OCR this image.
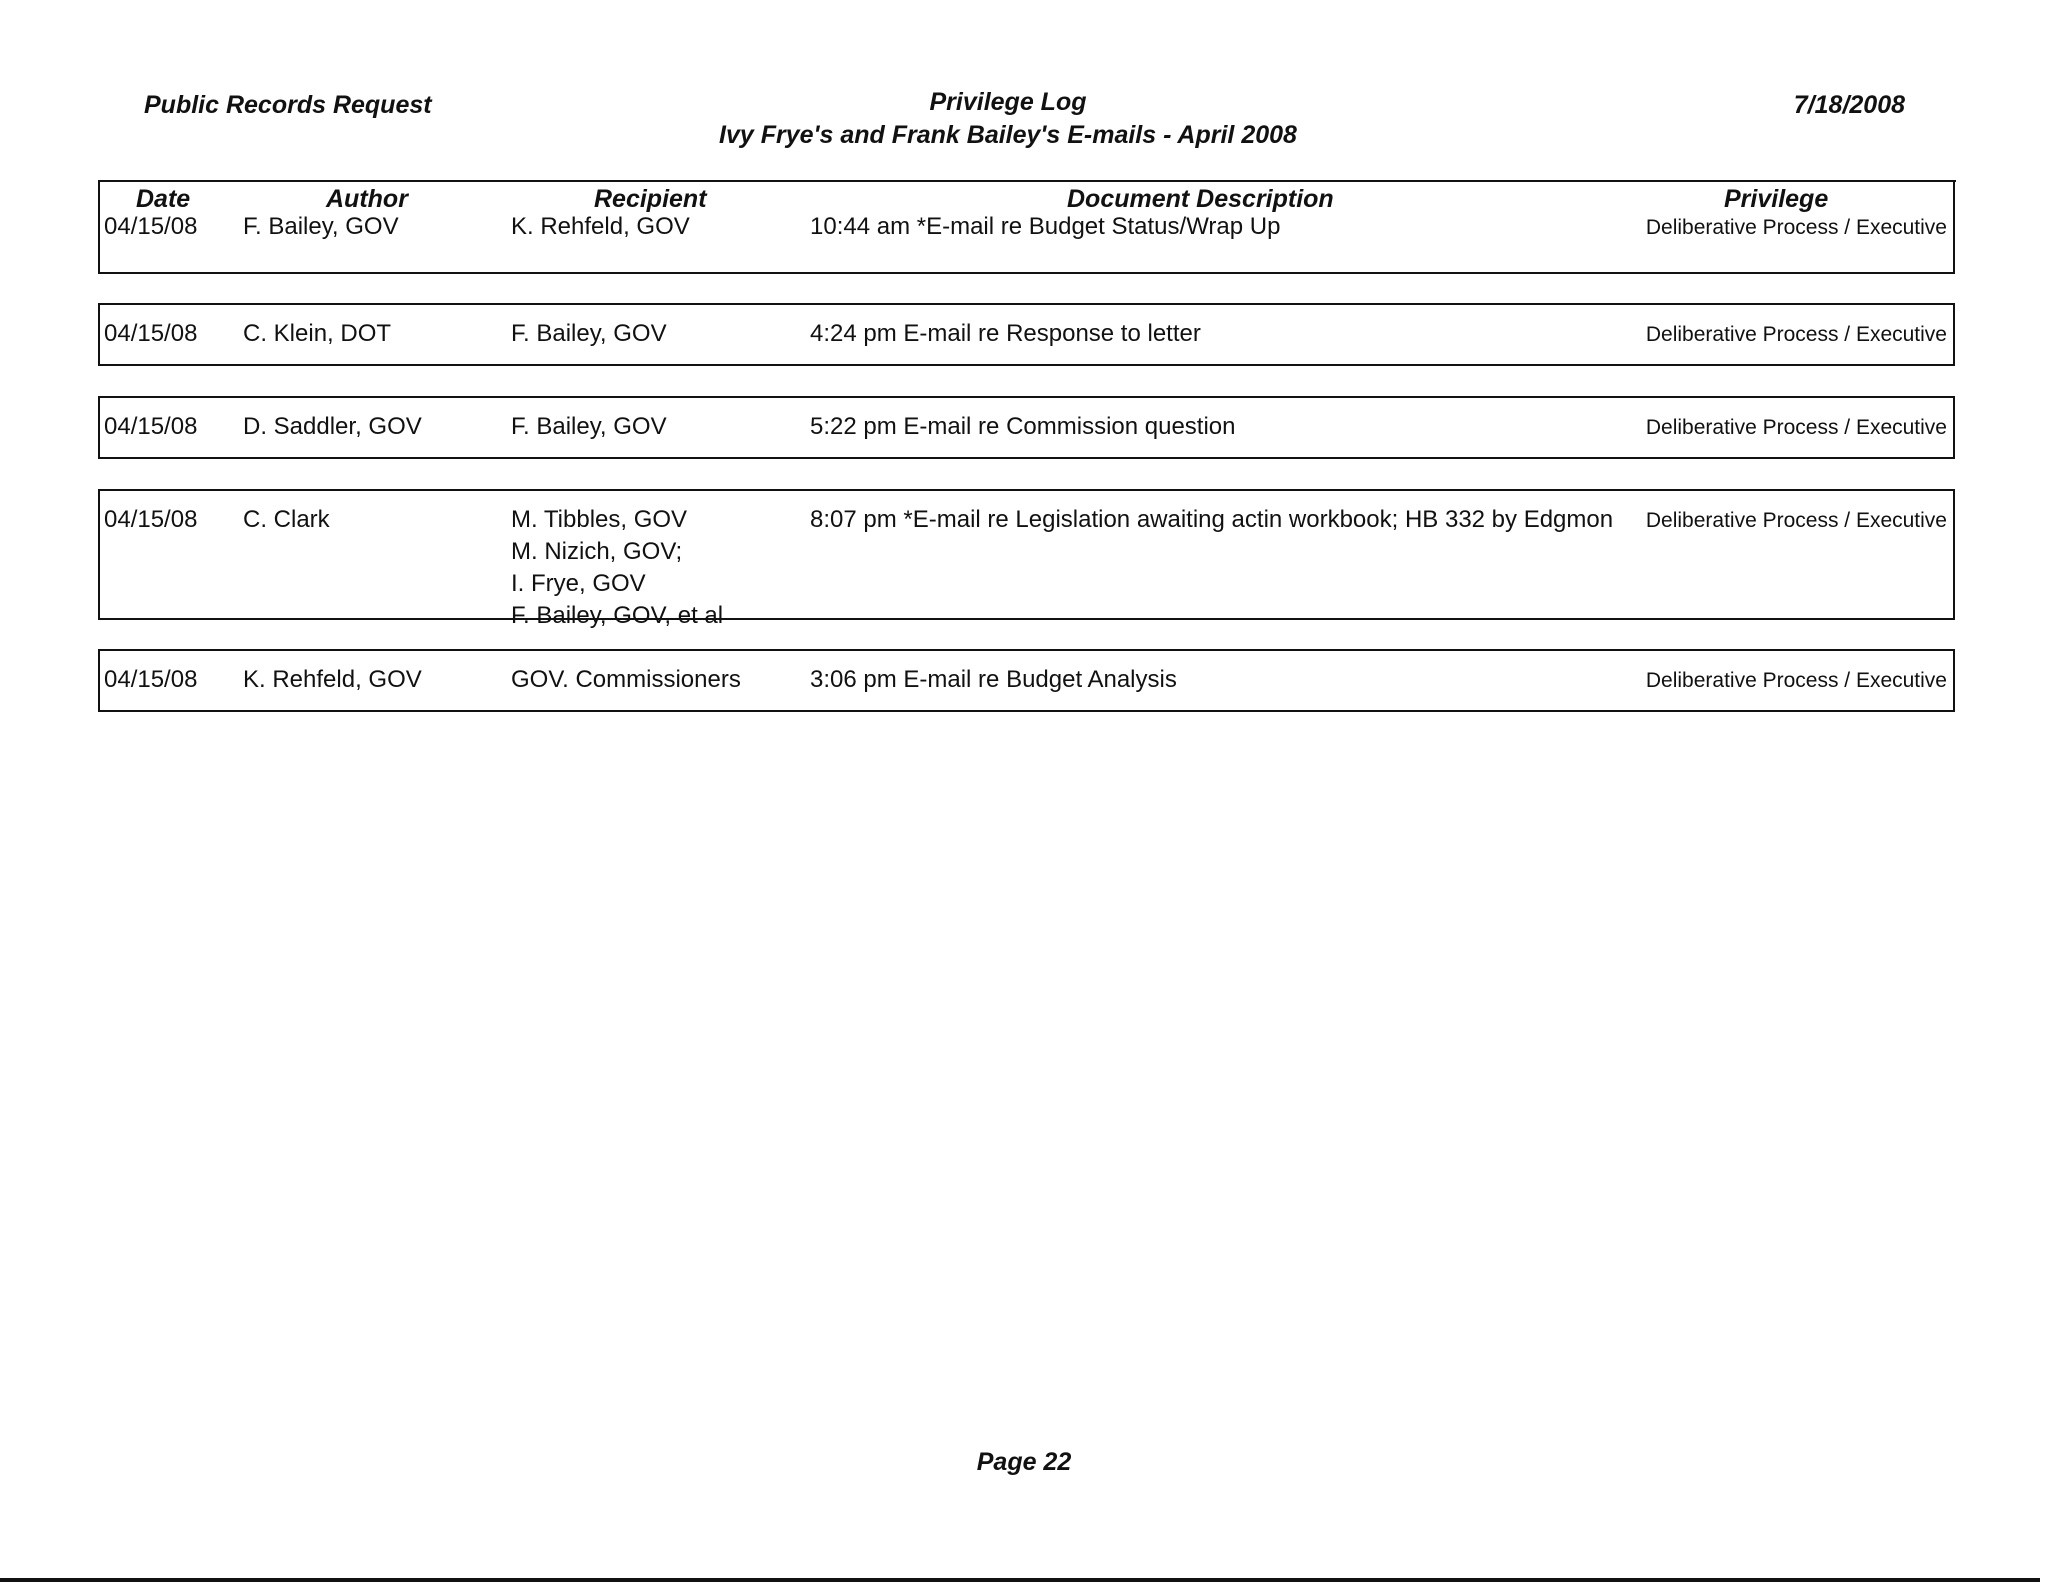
Public Records Request	Privilege Log
Ivy Frye's and Frank Bailey's E-mails - April 2008
7/18/2008
Date	Author	Recipient	Document Description	Privilege
04/15/08 F. Bailey, GOV	K. Rehfeld, GOV	10:44 am *E-mail re Budget Status/Wrap Up	Deliberative Process / Executive
04/15/08 C. Klein, DOT	F. Bailey, GOV	4:24 pm E-mail re Response to letter	Deliberative Process / Executive
04/15/08 D. Saddler, GOV	F. Bailey, GOV	5:22 pm E-mail re Commission question	Deliberative Process / Executive
04/15/08 C. Clark	M. Tibbles, GOV
M. Nizich, GOV;
I. Frye, GOV
F. Bailey, GOV, et al
8:07 pm *E-mail re Legislation awaiting actin workbook; HB 332 by Edgmon	Deliberative Process / Executive
04/15/08 K. Rehfeld, GOV	GOV. Commissioners	3:06 pm E-mail re Budget Analysis	Deliberative Process / Executive
Page 22
